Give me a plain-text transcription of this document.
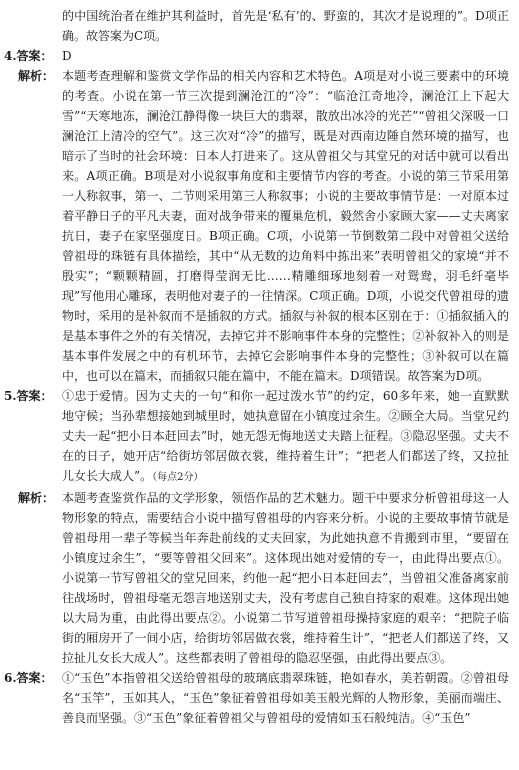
的中国统治者在维护其利益时，首先是‘私有’的、野蛮的，其次才是说理的”。D项正确。故答案为C项。
4.答案： D
解析： 本题考查理解和鉴赏文学作品的相关内容和艺术特色。A项是对小说三要素中的环境的考查。小说在第一节三次提到澜沧江的“冷”：“临沧江奇地冷，澜沧江上下起大雪”“天寒地冻，澜沧江静得像一块巨大的翡翠，散放出冰冷的光芒”“曾祖父深吸一口澜沧江上清冷的空气”。这三次对“冷”的描写，既是对西南边陲自然环境的描写，也暗示了当时的社会环境：日本人打进来了。这从曾祖父与其堂兄的对话中就可以看出来。A项正确。B项是对小说叙事角度和主要情节内容的考查。小说的第三节采用第一人称叙事，第一、二节则采用第三人称叙事；小说的主要故事情节是：一对原本过着平静日子的平凡夫妻，面对战争带来的覆巢危机，毅然舍小家顾大家——丈夫离家抗日，妻子在家坚强度日。B项正确。C项，小说第一节倒数第二段中对曾祖父送给曾祖母的珠链有具体描绘，其中“从无数的边角料中拣出来”表明曾祖父的家境“并不殷实”；“颗颗精圆，打磨得莹润无比……精雕细琢地刻着一对鸳鸯，羽毛纤毫毕现”写他用心雕琢，表明他对妻子的一往情深。C项正确。D项，小说交代曾祖母的遗物时，采用的是补叙而不是插叙的方式。插叙与补叙的根本区别在于：①插叙插入的是基本事件之外的有关情况，去掉它并不影响事件本身的完整性；②补叙补入的则是基本事件发展之中的有机环节，去掉它会影响事件本身的完整性；③补叙可以在篇中，也可以在篇末，而插叙只能在篇中，不能在篇末。D项错误。故答案为D项。
5.答案： ①忠于爱情。因为丈夫的一句“和你一起过泼水节”的约定，60多年来，她一直默默地守候；当孙辈想接她到城里时，她执意留在小镇度过余生。②顾全大局。当堂兄约丈夫一起“把小日本赶回去”时，她无怨无悔地送丈夫踏上征程。③隐忍坚强。丈夫不在的日子，她开店“给街坊邻居做衣裳，维持着生计”；“把老人们都送了终，又拉扯儿女长大成人”。（每点2分）
解析： 本题考查鉴赏作品的文学形象，领悟作品的艺术魅力。题干中要求分析曾祖母这一人物形象的特点，需要结合小说中描写曾祖母的内容来分析。小说的主要故事情节就是曾祖母用一辈子等候当年奔赴前线的丈夫回家，为此她执意不肯搬到市里，“要留在小镇度过余生”，“要等曾祖父回来”。这体现出她对爱情的专一，由此得出要点①。小说第一节写曾祖父的堂兄回来，约他一起“把小日本赶回去”，当曾祖父准备离家前往战场时，曾祖母毫无怨言地送别丈夫，没有考虑自己独自持家的艰难。这体现出她以大局为重，由此得出要点②。小说第二节写道曾祖母操持家庭的艰辛：“把院子临街的厢房开了一间小店，给街坊邻居做衣裳，维持着生计”，“把老人们都送了终，又拉扯儿女长大成人”。这些都表明了曾祖母的隐忍坚强，由此得出要点③。
6.答案： ①“玉色”本指曾祖父送给曾祖母的玻璃底翡翠珠链，艳如春水，美若朝霞。②曾祖母名“玉竿”，玉如其人，“玉色”象征着曾祖母如美玉般光辉的人物形象，美丽而端庄、善良而坚强。③“玉色”象征着曾祖父与曾祖母的爱情如玉石般纯洁。④“玉色”
